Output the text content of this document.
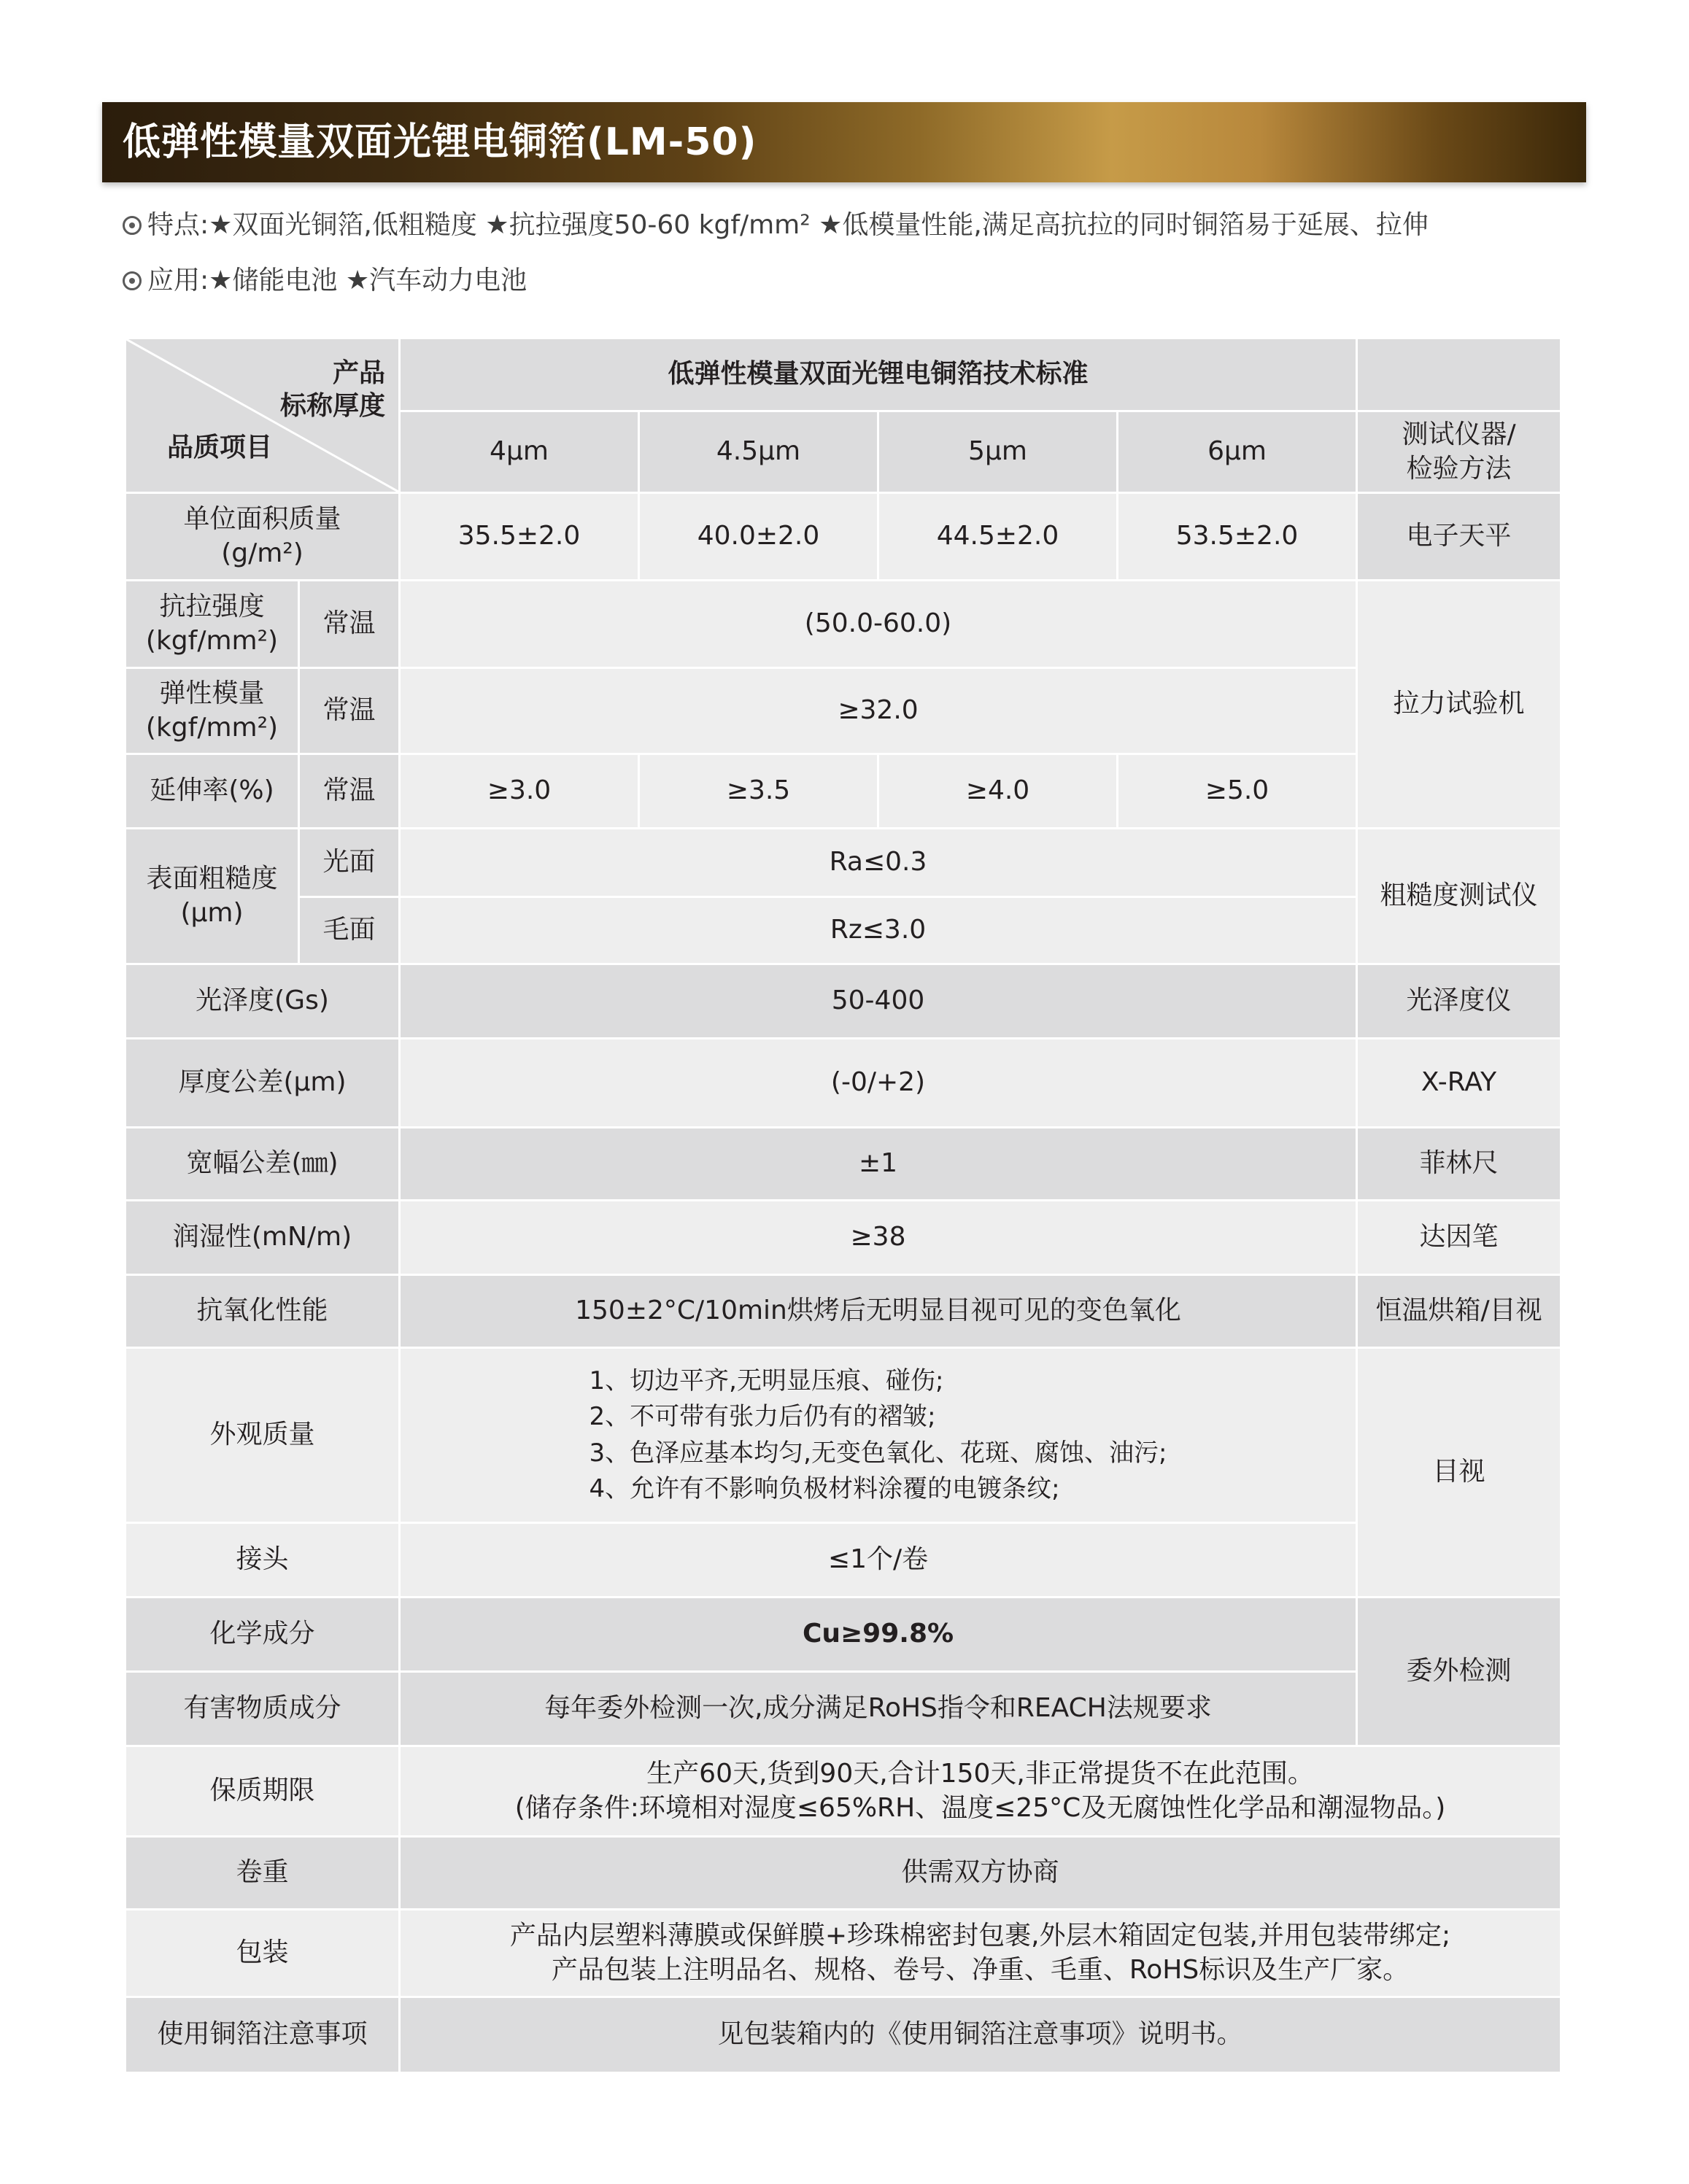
低弹性模量双面光锂电铜箔(LM-50)
特点:★双面光铜箔,低粗糙度 ★抗拉强度50-60 kgf/mm² ★低模量性能,满足高抗拉的同时铜箔易于延展、拉伸
应用:★储能电池 ★汽车动力电池
产品
标称厚度
品质项目		低弹性模量双面光锂电铜箔技术标准				
		4μm	4.5μm	5μm	6μm	测试仪器/
检验方法
单位面积质量
(g/m²)		35.5±2.0	40.0±2.0	44.5±2.0	53.5±2.0	电子天平
抗拉强度
(kgf/mm²)	常温	(50.0-60.0)				拉力试验机
弹性模量
(kgf/mm²)	常温	≥32.0				
延伸率(%)	常温	≥3.0	≥3.5	≥4.0	≥5.0	
表面粗糙度
(μm)	光面	Ra≤0.3				粗糙度测试仪
	毛面	Rz≤3.0				
光泽度(Gs)		50-400				光泽度仪
厚度公差(μm)		(-0/+2)				X-RAY
宽幅公差(㎜)		±1				菲林尺
润湿性(mN/m)		≥38				达因笔
抗氧化性能		150±2°C/10min烘烤后无明显目视可见的变色氧化				恒温烘箱/目视
外观质量		1、切边平齐,无明显压痕、碰伤;
2、不可带有张力后仍有的褶皱;
3、色泽应基本均匀,无变色氧化、花斑、腐蚀、油污;
4、允许有不影响负极材料涂覆的电镀条纹;				目视
接头		≤1个/卷				
化学成分		Cu≥99.8%				委外检测
有害物质成分		每年委外检测一次,成分满足RoHS指令和REACH法规要求				
保质期限		生产60天,货到90天,合计150天,非正常提货不在此范围。
(储存条件:环境相对湿度≤65%RH、温度≤25°C及无腐蚀性化学品和潮湿物品。)				

卷重		供需双方协商				
包装		产品内层塑料薄膜或保鲜膜+珍珠棉密封包裹,外层木箱固定包装,并用包装带绑定;
产品包装上注明品名、规格、卷号、净重、毛重、RoHS标识及生产厂家。				

使用铜箔注意事项		见包装箱内的《使用铜箔注意事项》说明书。				
